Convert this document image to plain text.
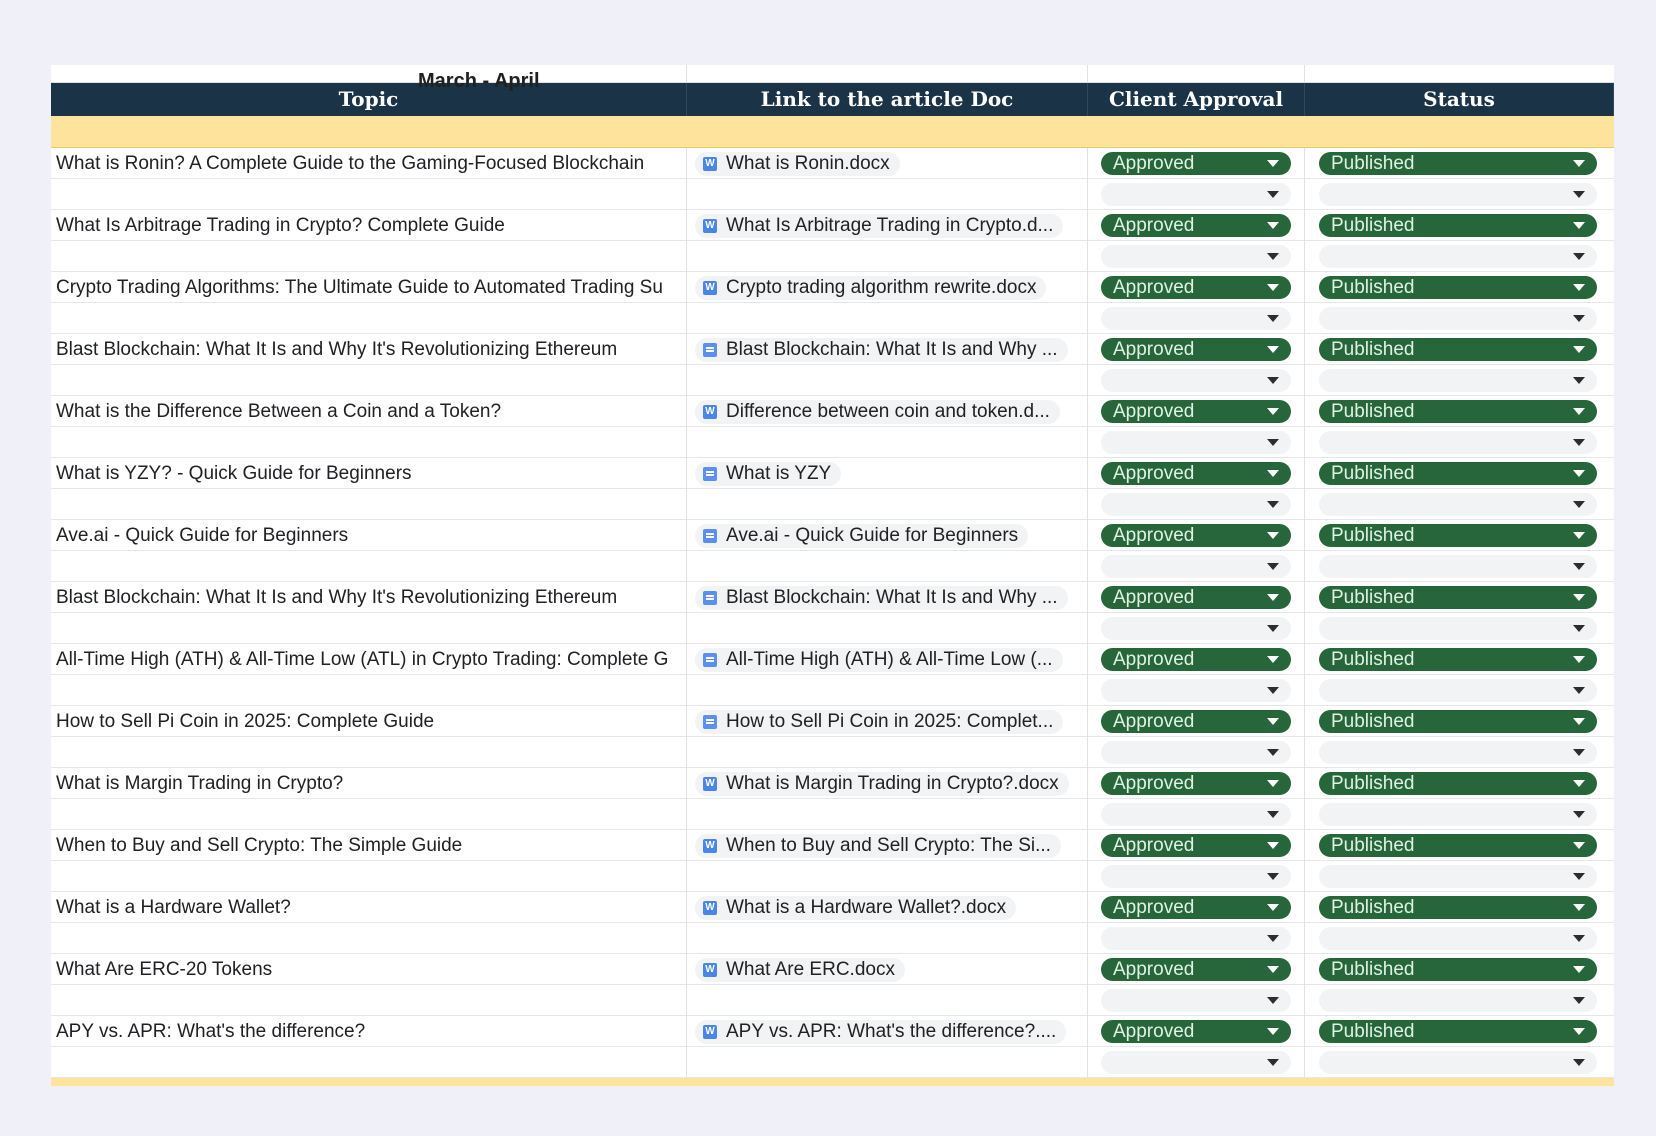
Topic	Link to the article Doc	Client Approval	Status
March - April
What is Ronin? A Complete Guide to the Gaming-Focused Blockchain	W What is Ronin.docx	Approved	Published
What Is Arbitrage Trading in Crypto? Complete Guide	W What Is Arbitrage Trading in Crypto.d...	Approved	Published
Crypto Trading Algorithms: The Ultimate Guide to Automated Trading Su	W Crypto trading algorithm rewrite.docx	Approved	Published
Blast Blockchain: What It Is and Why It's Revolutionizing Ethereum	Blast Blockchain: What It Is and Why ...	Approved	Published
What is the Difference Between a Coin and a Token?	W Difference between coin and token.d...	Approved	Published
What is YZY? - Quick Guide for Beginners	What is YZY	Approved	Published
Ave.ai - Quick Guide for Beginners	Ave.ai - Quick Guide for Beginners	Approved	Published
Blast Blockchain: What It Is and Why It's Revolutionizing Ethereum	Blast Blockchain: What It Is and Why ...	Approved	Published
All-Time High (ATH) & All-Time Low (ATL) in Crypto Trading: Complete G	All-Time High (ATH) & All-Time Low (...	Approved	Published
How to Sell Pi Coin in 2025: Complete Guide	How to Sell Pi Coin in 2025: Complet...	Approved	Published
What is Margin Trading in Crypto?	W What is Margin Trading in Crypto?.docx	Approved	Published
When to Buy and Sell Crypto: The Simple Guide	W When to Buy and Sell Crypto: The Si...	Approved	Published
What is a Hardware Wallet?	W What is a Hardware Wallet?.docx	Approved	Published
What Are ERC-20 Tokens	W What Are ERC.docx	Approved	Published
APY vs. APR: What's the difference?	W APY vs. APR: What's the difference?....	Approved	Published
